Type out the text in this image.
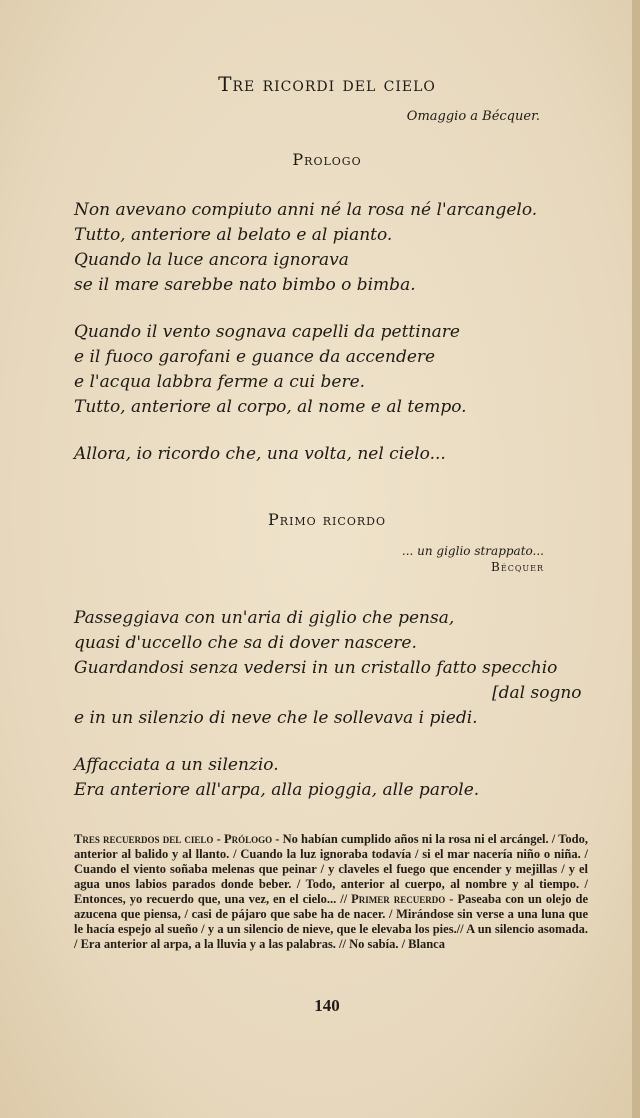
Tre ricordi del cielo
Omaggio a Bécquer.
Prologo

Non avevano compiuto anni né la rosa né l'arcangelo.

Tutto, anteriore al belato e al pianto.

Quando la luce ancora ignorava

se il mare sarebbe nato bimbo o bimba.

Quando il vento sognava capelli da pettinare

e il fuoco garofani e guance da accendere

e l'acqua labbra ferme a cui bere.

Tutto, anteriore al corpo, al nome e al tempo.

Allora, io ricordo che, una volta, nel cielo...

Primo ricordo
... un giglio strappato...
Bécquer

Passeggiava con un'aria di giglio che pensa,

quasi d'uccello che sa di dover nascere.

Guardandosi senza vedersi in un cristallo fatto specchio

[dal sogno

e in un silenzio di neve che le sollevava i piedi.

Affacciata a un silenzio.

Era anteriore all'arpa, alla pioggia, alle parole.

Tres recuerdos del cielo - Prólogo - No habían cumplido años ni la rosa ni el arcángel. / Todo, anterior al balido y al llanto. / Cuando la luz ignoraba todavía / si el mar nacería niño o niña. / Cuando el viento soñaba melenas que peinar / y claveles el fuego que encender y mejillas / y el agua unos labios parados donde beber. / Todo, anterior al cuerpo, al nombre y al tiempo. / Entonces, yo recuerdo que, una vez, en el cielo... // Primer recuerdo - Paseaba con un olejo de azucena que piensa, / casi de pájaro que sabe ha de nacer. / Mirándose sin verse a una luna que le hacía espejo al sueño / y a un silencio de nieve, que le elevaba los pies.// A un silencio asomada. / Era anterior al arpa, a la lluvia y a las palabras. // No sabía. / Blanca
140
